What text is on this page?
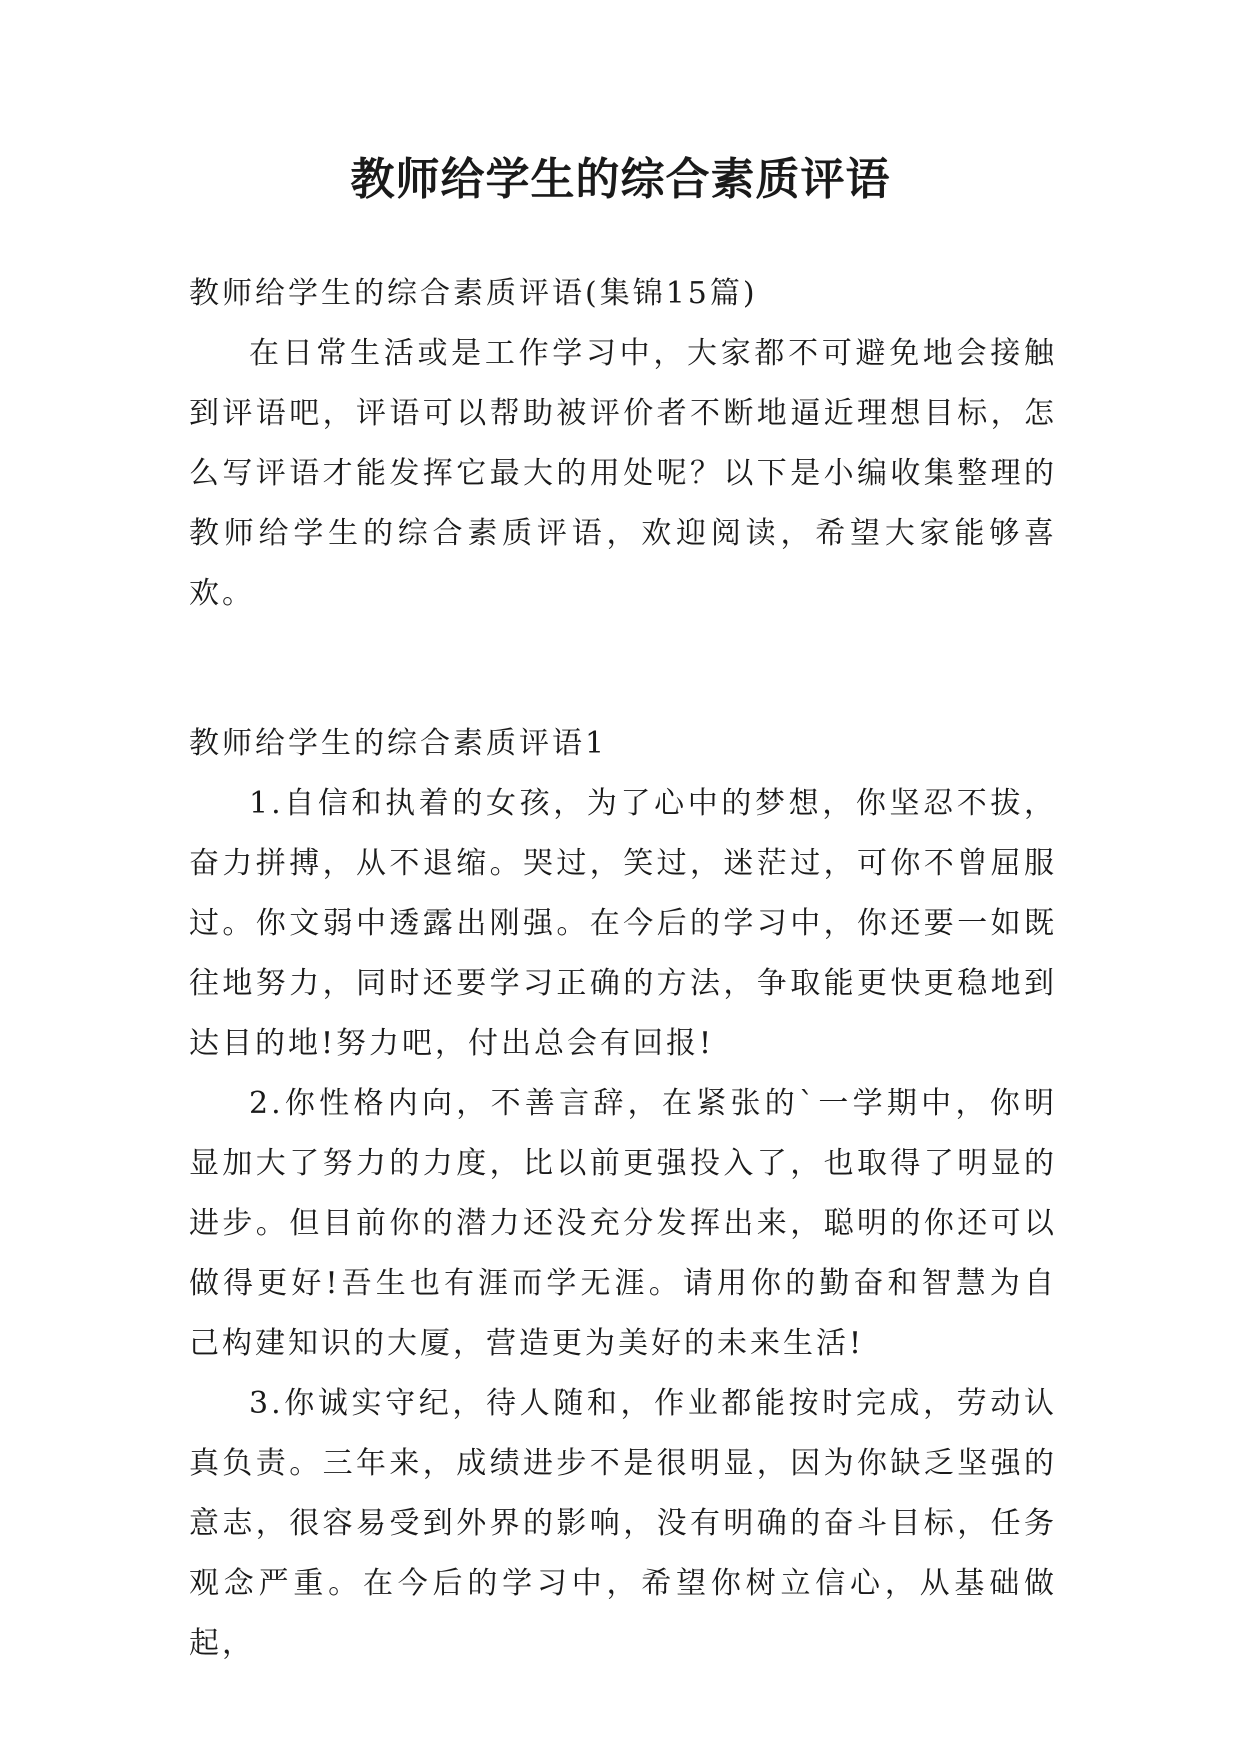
教师给学生的综合素质评语

教师给学生的综合素质评语(集锦15篇)

在日常生活或是工作学习中，大家都不可避免地会接触到评语吧，评语可以帮助被评价者不断地逼近理想目标，怎么写评语才能发挥它最大的用处呢？以下是小编收集整理的教师给学生的综合素质评语，欢迎阅读，希望大家能够喜欢。

教师给学生的综合素质评语1

1.自信和执着的女孩，为了心中的梦想，你坚忍不拔，奋力拼搏，从不退缩。哭过，笑过，迷茫过，可你不曾屈服过。你文弱中透露出刚强。在今后的学习中，你还要一如既往地努力，同时还要学习正确的方法，争取能更快更稳地到达目的地!努力吧，付出总会有回报!

2.你性格内向，不善言辞，在紧张的`一学期中，你明显加大了努力的力度，比以前更强投入了，也取得了明显的进步。但目前你的潜力还没充分发挥出来，聪明的你还可以做得更好!吾生也有涯而学无涯。请用你的勤奋和智慧为自己构建知识的大厦，营造更为美好的未来生活!

3.你诚实守纪，待人随和，作业都能按时完成，劳动认真负责。三年来，成绩进步不是很明显，因为你缺乏坚强的意志，很容易受到外界的影响，没有明确的奋斗目标，任务观念严重。在今后的学习中，希望你树立信心，从基础做起，
